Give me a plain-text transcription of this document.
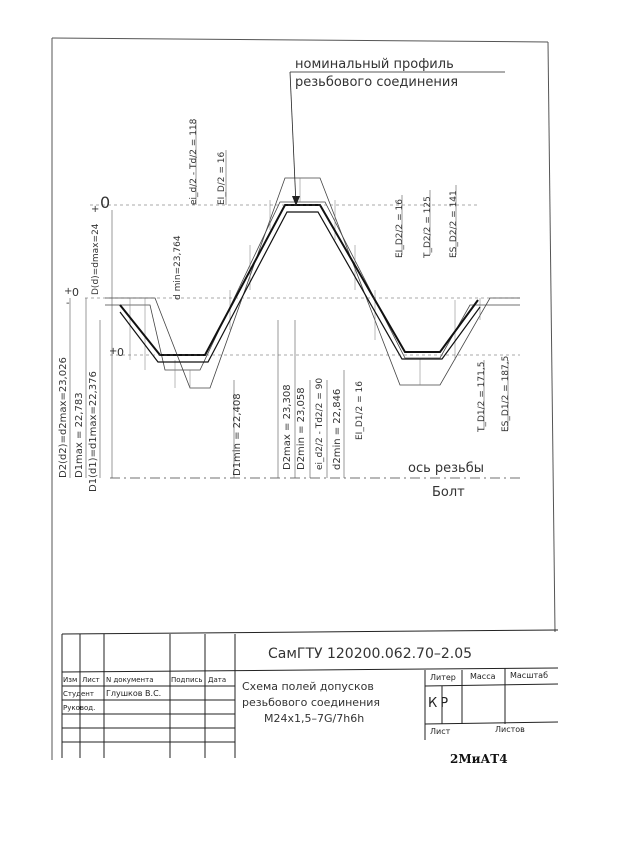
номинальный профиль
резьбового соединения
0
+
0
+
-
0
+
D2(d2)=d2max=23,026 D1max = 22,783 D1(d1)=d1max=22,376
D(d)=dmax=24	d min=23,764
D1min = 22,408	D2max = 23,308 D2min = 23,058 ei_d2/2 - Td2/2 = 90 d2min = 22,846 EI_D1/2 = 16
ei_d/2 - Td/2 = 118 EI_D/2 = 16
EI_D2/2 = 16 T_D2/2 = 125 ES_D2/2 = 141
T_D1/2 = 171,5 ES_D1/2 = 187,5
ось резьбы
Болт
СамГТУ 120200.062.70–2.05
Изм Лист N документа	Подпись Дата
Студент Глушков В.С.
Руковод.
Схема полей допусков
резьбового соединения
М24x1,5–7G/7h6h
Литер Масса Масштаб
КР
Лист	Листов
2МиАТ4
